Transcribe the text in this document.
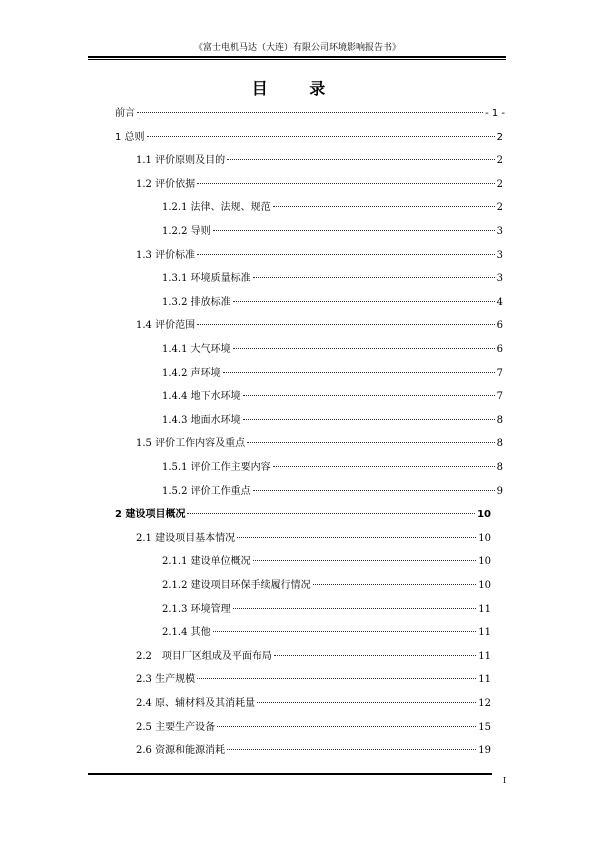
《富士电机马达（大连）有限公司环境影响报告书》
目 录
前言	- 1 -
1 总则	2
1.1 评价原则及目的	2
1.2 评价依据	2
1.2.1 法律、法规、规范	2
1.2.2 导则	3
1.3 评价标准	3
1.3.1 环境质量标准	3
1.3.2 排放标准	4
1.4 评价范围	6
1.4.1 大气环境	6
1.4.2 声环境	7
1.4.4 地下水环境	7
1.4.3 地面水环境	8
1.5 评价工作内容及重点	8
1.5.1 评价工作主要内容	8
1.5.2 评价工作重点	9
2 建设项目概况	10
2.1 建设项目基本情况	10
2.1.1 建设单位概况	10
2.1.2 建设项目环保手续履行情况	10
2.1.3 环境管理	11
2.1.4 其他	11
2.2　项目厂区组成及平面布局	11
2.3 生产规模	11
2.4 原、辅材料及其消耗量	12
2.5 主要生产设备	15
2.6 资源和能源消耗	19
I
